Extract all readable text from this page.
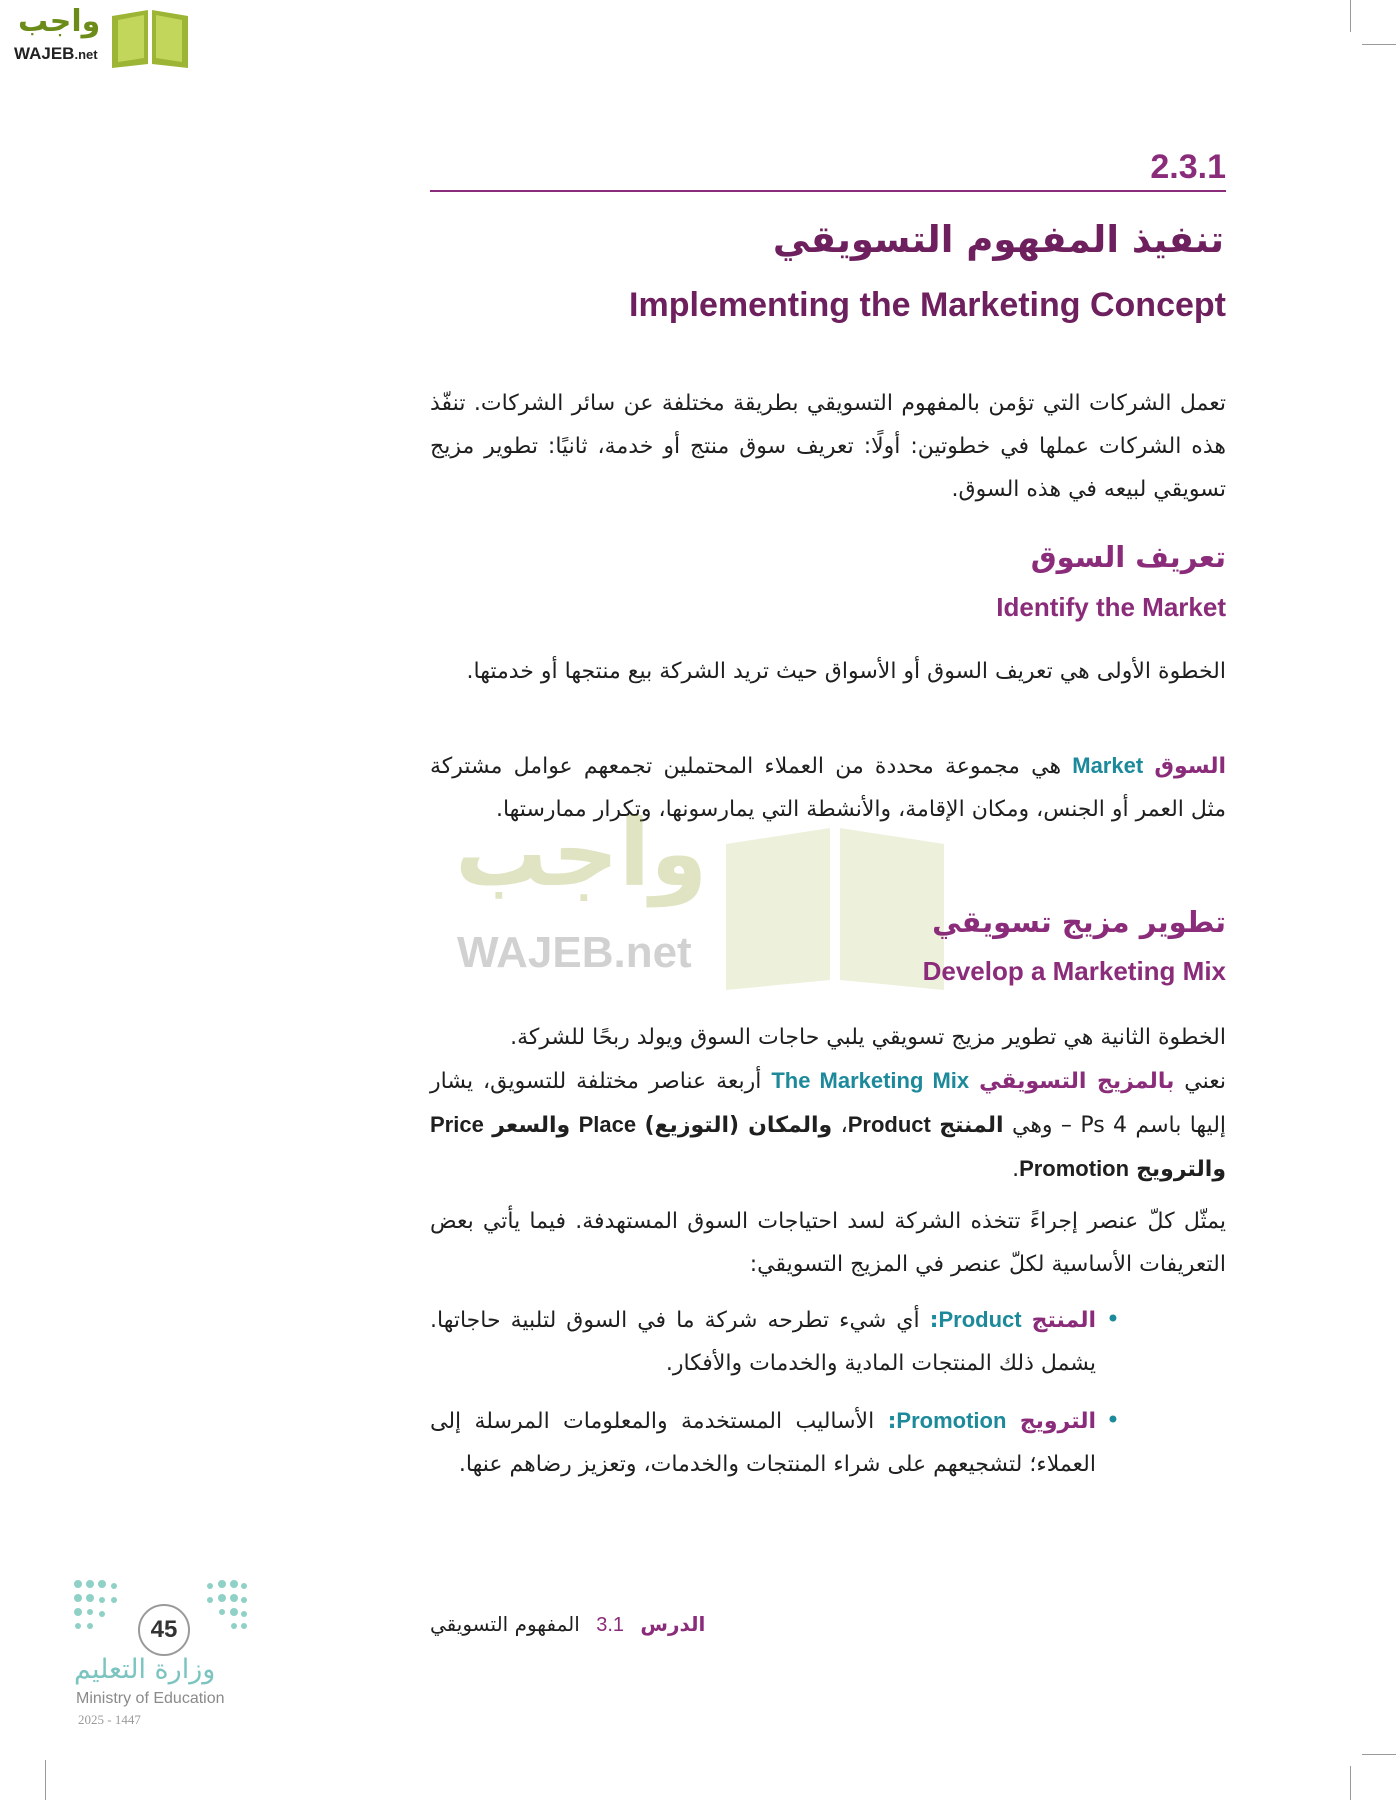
واجب
WAJEB.net
2.3.1
تنفيذ المفهوم التسويقي
Implementing the Marketing Concept
تعمل الشركات التي تؤمن بالمفهوم التسويقي بطريقة مختلفة عن سائر الشركات. تنفّذ هذه الشركات عملها في خطوتين: أولًا: تعريف سوق منتج أو خدمة، ثانيًا: تطوير مزيج تسويقي لبيعه في هذه السوق.
تعريف السوق
Identify the Market
الخطوة الأولى هي تعريف السوق أو الأسواق حيث تريد الشركة بيع منتجها أو خدمتها.
السوق Market هي مجموعة محددة من العملاء المحتملين تجمعهم عوامل مشتركة مثل العمر أو الجنس، ومكان الإقامة، والأنشطة التي يمارسونها، وتكرار ممارستها.
واجب
WAJEB.net
تطوير مزيج تسويقي
Develop a Marketing Mix
الخطوة الثانية هي تطوير مزيج تسويقي يلبي حاجات السوق ويولد ربحًا للشركة.
نعني بالمزيج التسويقي The Marketing Mix أربعة عناصر مختلفة للتسويق، يشار إليها باسم 4 Ps – وهي المنتج Product، والمكان (التوزيع) Place والسعر Price والترويج Promotion.
يمثّل كلّ عنصر إجراءً تتخذه الشركة لسد احتياجات السوق المستهدفة. فيما يأتي بعض التعريفات الأساسية لكلّ عنصر في المزيج التسويقي:
• المنتج Product: أي شيء تطرحه شركة ما في السوق لتلبية حاجاتها. يشمل ذلك المنتجات المادية والخدمات والأفكار.
• الترويج Promotion: الأساليب المستخدمة والمعلومات المرسلة إلى العملاء؛ لتشجيعهم على شراء المنتجات والخدمات، وتعزيز رضاهم عنها.
الدرس 3.1 المفهوم التسويقي
45
وزارة التعليم
Ministry of Education
2025 - 1447
